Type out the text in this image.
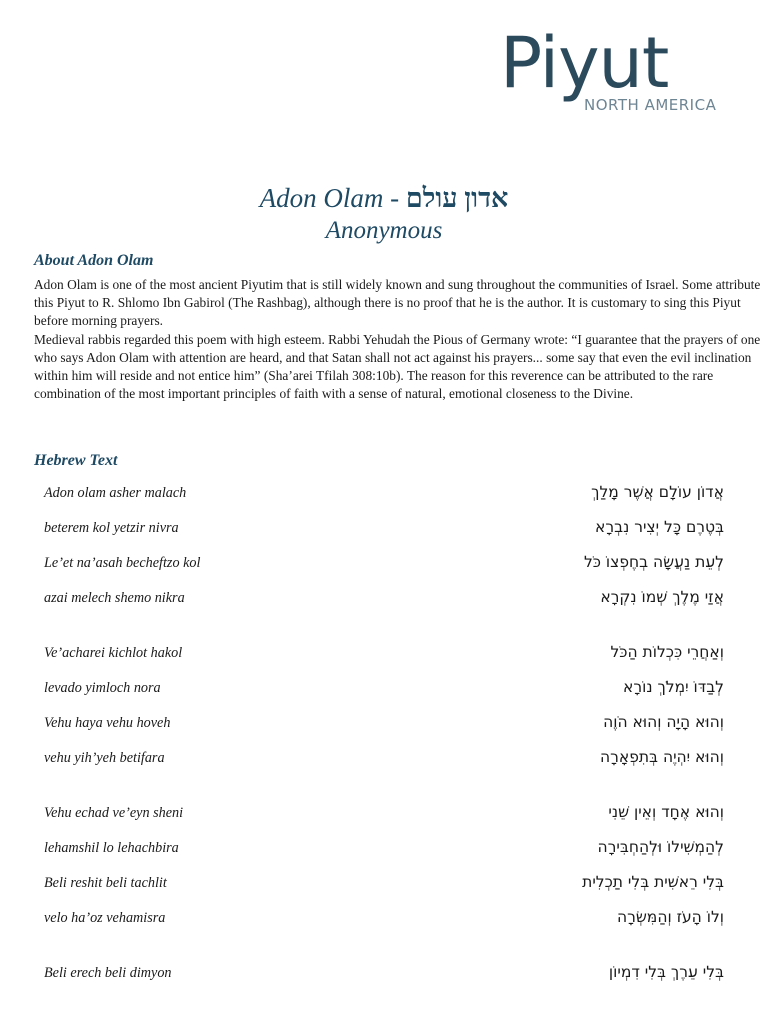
Piyut
NORTH AMERICA
Adon Olam - אדון עולם
Anonymous
About Adon Olam

Adon Olam is one of the most ancient Piyutim that is still widely known and sung throughout the communities of Israel. Some attribute this Piyut to R. Shlomo Ibn Gabirol (The Rashbag), although there is no proof that he is the author. It is customary to sing this Piyut before morning prayers.

Medieval rabbis regarded this poem with high esteem. Rabbi Yehudah the Pious of Germany wrote: “I guarantee that the prayers of one who says Adon Olam with attention are heard, and that Satan shall not act against his prayers... some say that even the evil inclination within him will reside and not entice him” (Sha’arei Tfilah 308:10b). The reason for this reverence can be attributed to the rare combination of the most important principles of faith with a sense of natural, emotional closeness to the Divine.

Hebrew Text
Adon olam asher malach	אֲדוֹן עוֹלָם אֲשֶׁר מָלַךְ
beterem kol yetzir nivra	בְּטֶרֶם כָּל יְצִיר נִבְרָא
Le’et na’asah becheftzo kol	לְעֵת נַעֲשָׂה בְחֶפְצוֹ כֹּל
azai melech shemo nikra	אֲזַי מֶלֶךְ שְׁמוֹ נִקְרָא
Ve’acharei kichlot hakol	וְאַחֲרֵי כִּכְלוֹת הַכֹּל
levado yimloch nora	לְבַדּוֹ יִמְלֹךְ נוֹרָא
Vehu haya vehu hoveh	וְהוּא הָיָה וְהוּא הֹוֶה
vehu yih’yeh betifara	וְהוּא יִהְיֶה בְּתִפְאָרָה
Vehu echad ve’eyn sheni	וְהוּא אֶחָד וְאֵין שֵׁנִי
lehamshil lo lehachbira	לְהַמְשִׁילוֹ וּלְהַחְבִּירָה
Beli reshit beli tachlit	בְּלִי רֵאשִׁית בְּלִי תַכְלִית
velo ha’oz vehamisra	וְלוֹ הָעֹז וְהַמִּשְׂרָה
Beli erech beli dimyon	בְּלִי עֵרֶךְ בְּלִי דִמְיוֹן
